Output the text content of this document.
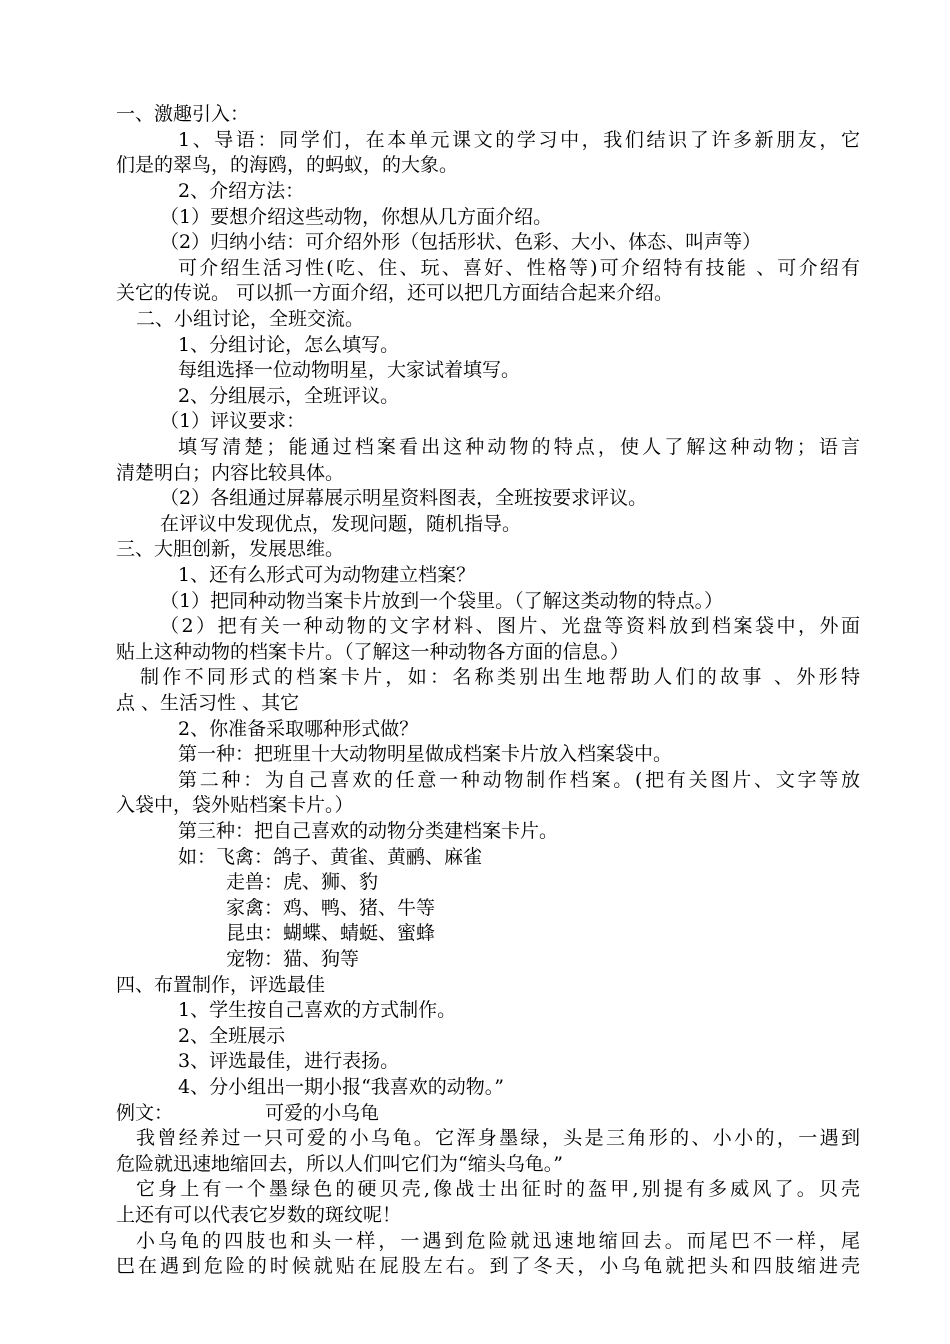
一、激趣引入：
1、导语：同学们，在本单元课文的学习中，我们结识了许多新朋友，它
们是的翠鸟，的海鸥，的蚂蚁，的大象。
2、介绍方法：
（1）要想介绍这些动物，你想从几方面介绍。
（2）归纳小结：可介绍外形（包括形状、色彩、大小、体态、叫声等）
可介绍生活习性(吃、住、玩、喜好、性格等)可介绍特有技能 、可介绍有
关它的传说。 可以抓一方面介绍，还可以把几方面结合起来介绍。
二、小组讨论，全班交流。
1、分组讨论，怎么填写。
每组选择一位动物明星，大家试着填写。
2、分组展示，全班评议。
（1）评议要求：
填写清楚；能通过档案看出这种动物的特点，使人了解这种动物；语言
清楚明白；内容比较具体。
（2）各组通过屏幕展示明星资料图表，全班按要求评议。
在评议中发现优点，发现问题，随机指导。
三、大胆创新，发展思维。
1、还有么形式可为动物建立档案？
（1）把同种动物当案卡片放到一个袋里。（了解这类动物的特点。）
（2）把有关一种动物的文字材料、图片、光盘等资料放到档案袋中，外面
贴上这种动物的档案卡片。（了解这一种动物各方面的信息。）
制作不同形式的档案卡片，如：名称类别出生地帮助人们的故事 、外形特
点 、生活习性 、其它
2、你准备采取哪种形式做？
第一种：把班里十大动物明星做成档案卡片放入档案袋中。
第二种：为自己喜欢的任意一种动物制作档案。(把有关图片、文字等放
入袋中，袋外贴档案卡片。）
第三种：把自己喜欢的动物分类建档案卡片。
如：飞禽：鸽子、黄雀、黄鹂、麻雀
走兽：虎、狮、豹
家禽：鸡、鸭、猪、牛等
昆虫：蝴蝶、蜻蜓、蜜蜂
宠物：猫、狗等
四、布置制作，评选最佳
1、学生按自己喜欢的方式制作。
2、全班展示
3、评选最佳，进行表扬。
4、分小组出一期小报“我喜欢的动物。”
例文：	可爱的小乌龟
我曾经养过一只可爱的小乌龟。它浑身墨绿，头是三角形的、小小的，一遇到
危险就迅速地缩回去，所以人们叫它们为“缩头乌龟。”
它身上有一个墨绿色的硬贝壳,像战士出征时的盔甲,别提有多威风了。贝壳
上还有可以代表它岁数的斑纹呢！
小乌龟的四肢也和头一样，一遇到危险就迅速地缩回去。而尾巴不一样，尾
巴在遇到危险的时候就贴在屁股左右。到了冬天，小乌龟就把头和四肢缩进壳
